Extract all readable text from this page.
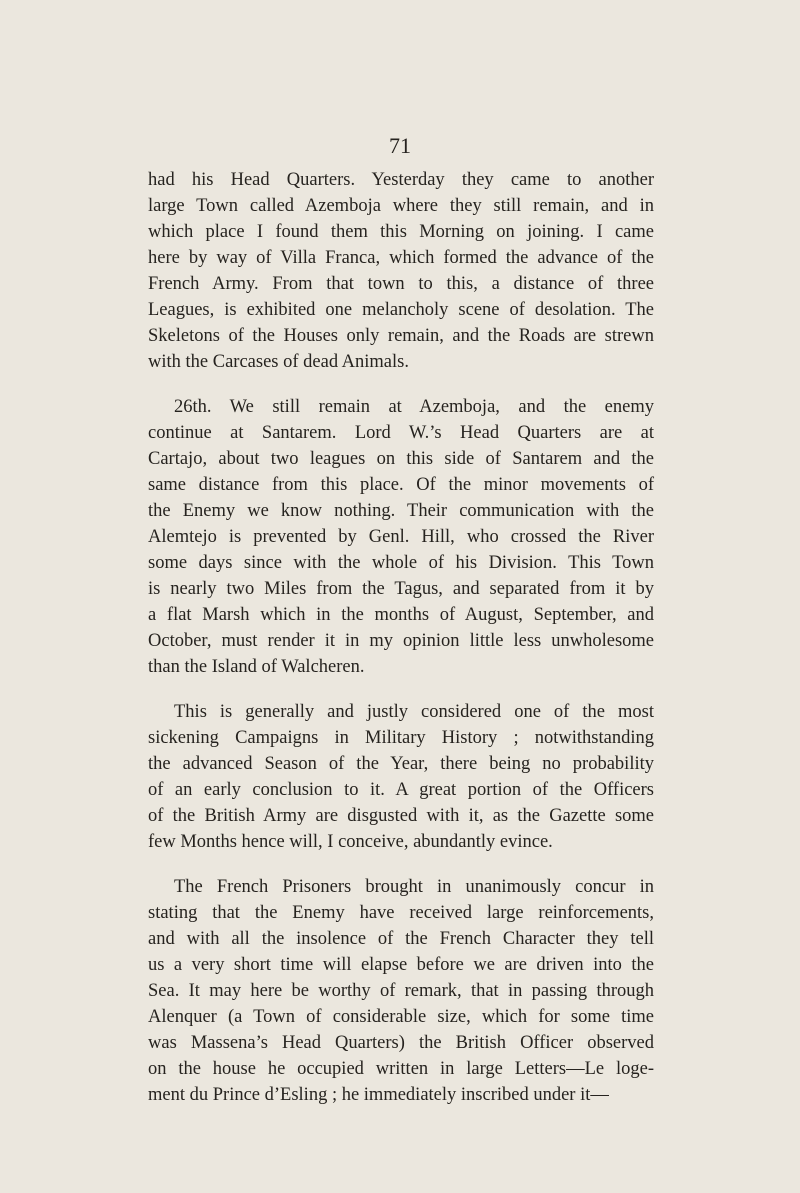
71
had his Head Quarters. Yesterday they came to another
large Town called Azemboja where they still remain, and in
which place I found them this Morning on joining. I came
here by way of Villa Franca, which formed the advance of the
French Army. From that town to this, a distance of three
Leagues, is exhibited one melancholy scene of desolation. The
Skeletons of the Houses only remain, and the Roads are strewn
with the Carcases of dead Animals.
26th. We still remain at Azemboja, and the enemy
continue at Santarem. Lord W.’s Head Quarters are at
Cartajo, about two leagues on this side of Santarem and the
same distance from this place. Of the minor movements of
the Enemy we know nothing. Their communication with the
Alemtejo is prevented by Genl. Hill, who crossed the River
some days since with the whole of his Division. This Town
is nearly two Miles from the Tagus, and separated from it by
a flat Marsh which in the months of August, September, and
October, must render it in my opinion little less unwholesome
than the Island of Walcheren.
This is generally and justly considered one of the most
sickening Campaigns in Military History ; notwithstanding
the advanced Season of the Year, there being no probability
of an early conclusion to it. A great portion of the Officers
of the British Army are disgusted with it, as the Gazette some
few Months hence will, I conceive, abundantly evince.
The French Prisoners brought in unanimously concur in
stating that the Enemy have received large reinforcements,
and with all the insolence of the French Character they tell
us a very short time will elapse before we are driven into the
Sea. It may here be worthy of remark, that in passing through
Alenquer (a Town of considerable size, which for some time
was Massena’s Head Quarters) the British Officer observed
on the house he occupied written in large Letters—Le loge-
ment du Prince d’Esling ; he immediately inscribed under it—
